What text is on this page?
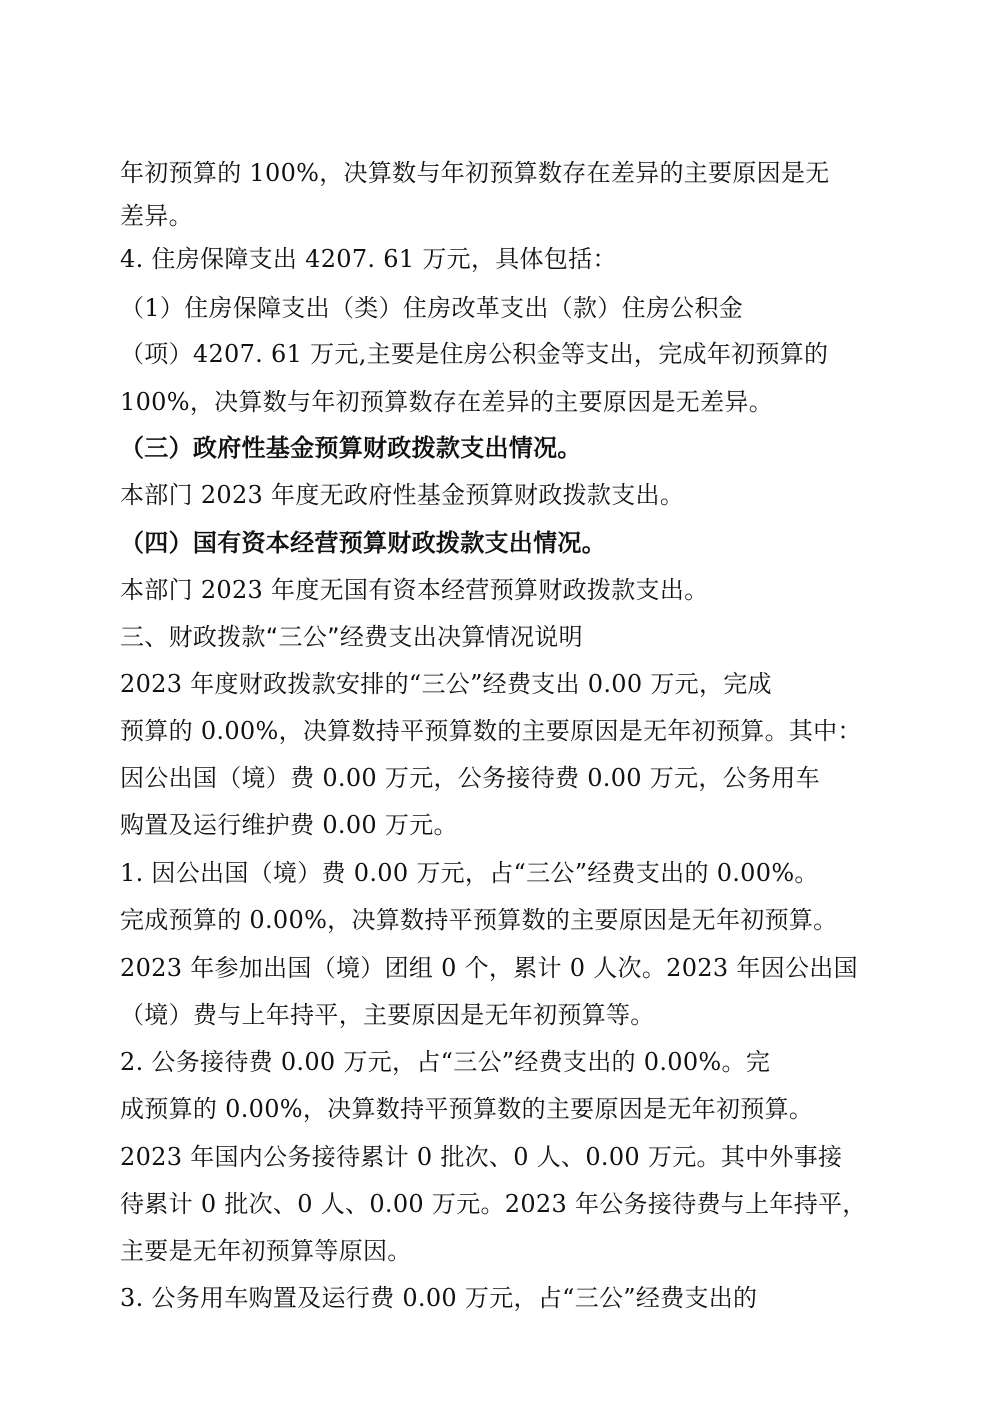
年初预算的 100%，决算数与年初预算数存在差异的主要原因是无
差异。
4. 住房保障支出 4207. 61 万元，具体包括：
（1）住房保障支出（类）住房改革支出（款）住房公积金
（项）4207. 61 万元,主要是住房公积金等支出，完成年初预算的
100%，决算数与年初预算数存在差异的主要原因是无差异。
（三）政府性基金预算财政拨款支出情况。
本部门 2023 年度无政府性基金预算财政拨款支出。
（四）国有资本经营预算财政拨款支出情况。
本部门 2023 年度无国有资本经营预算财政拨款支出。
三、财政拨款“三公”经费支出决算情况说明
2023 年度财政拨款安排的“三公”经费支出 0.00 万元，完成
预算的 0.00%，决算数持平预算数的主要原因是无年初预算。其中：
因公出国（境）费 0.00 万元，公务接待费 0.00 万元，公务用车
购置及运行维护费 0.00 万元。
1. 因公出国（境）费 0.00 万元，占“三公”经费支出的 0.00%。
完成预算的 0.00%，决算数持平预算数的主要原因是无年初预算。
2023 年参加出国（境）团组 0 个，累计 0 人次。2023 年因公出国
（境）费与上年持平，主要原因是无年初预算等。
2. 公务接待费 0.00 万元，占“三公”经费支出的 0.00%。完
成预算的 0.00%，决算数持平预算数的主要原因是无年初预算。
2023 年国内公务接待累计 0 批次、0 人、0.00 万元。其中外事接
待累计 0 批次、0 人、0.00 万元。2023 年公务接待费与上年持平，
主要是无年初预算等原因。
3. 公务用车购置及运行费 0.00 万元，占“三公”经费支出的
